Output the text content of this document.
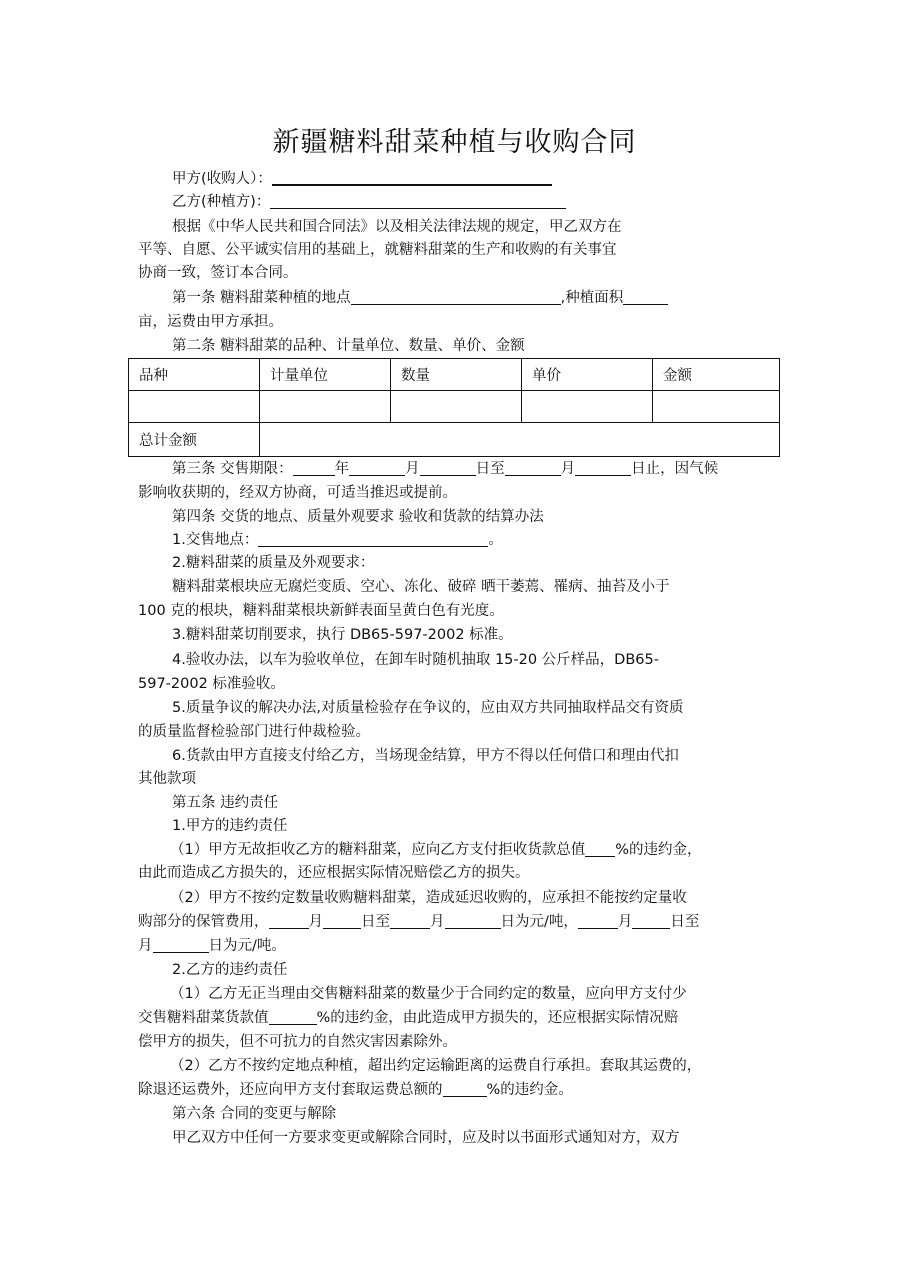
新疆糖料甜菜种植与收购合同
甲方(收购人）：
乙方(种植方)：
根据《中华人民共和国合同法》以及相关法律法规的规定，甲乙双方在
平等、自愿、公平诚实信用的基础上，就糖料甜菜的生产和收购的有关事宜
协商一致，签订本合同。
第一条 糖料甜菜种植的地点	,种植面积
亩，运费由甲方承担。
第二条 糖料甜菜的品种、计量单位、数量、单价、金额
品种	计量单位	数量	单价	金额

总计金额				
第三条 交售期限：	年	月	日至	月	日止，因气候
影响收获期的，经双方协商，可适当推迟或提前。
第四条 交货的地点、质量外观要求 验收和货款的结算办法
1.交售地点：	。
2.糖料甜菜的质量及外观要求：
糖料甜菜根块应无腐烂变质、空心、冻化、破碎 晒干萎蔫、罹病、抽苔及小于
100 克的根块，糖料甜菜根块新鲜表面呈黄白色有光度。
3.糖料甜菜切削要求，执行 DB65-597-2002 标准。
4.验收办法，以车为验收单位，在卸车时随机抽取 15-20 公斤样品，DB65-
597-2002 标准验收。
5.质量争议的解决办法,对质量检验存在争议的，应由双方共同抽取样品交有资质
的质量监督检验部门进行仲裁检验。
6.货款由甲方直接支付给乙方，当场现金结算，甲方不得以任何借口和理由代扣
其他款项
第五条 违约责任
1.甲方的违约责任
（1）甲方无故拒收乙方的糖料甜菜，应向乙方支付拒收货款总值 %的违约金，
由此而造成乙方损失的，还应根据实际情况赔偿乙方的损失。
（2）甲方不按约定数量收购糖料甜菜，造成延迟收购的，应承担不能按约定量收
购部分的保管费用，	月	日至	月	日为元/吨，	月	日至
月	日为元/吨。
2.乙方的违约责任
（1）乙方无正当理由交售糖料甜菜的数量少于合同约定的数量，应向甲方支付少
交售糖料甜菜货款值	%的违约金，由此造成甲方损失的，还应根据实际情况赔
偿甲方的损失，但不可抗力的自然灾害因素除外。
（2）乙方不按约定地点种植，超出约定运输距离的运费自行承担。套取其运费的，
除退还运费外，还应向甲方支付套取运费总额的	%的违约金。
第六条 合同的变更与解除
甲乙双方中任何一方要求变更或解除合同时，应及时以书面形式通知对方，双方
